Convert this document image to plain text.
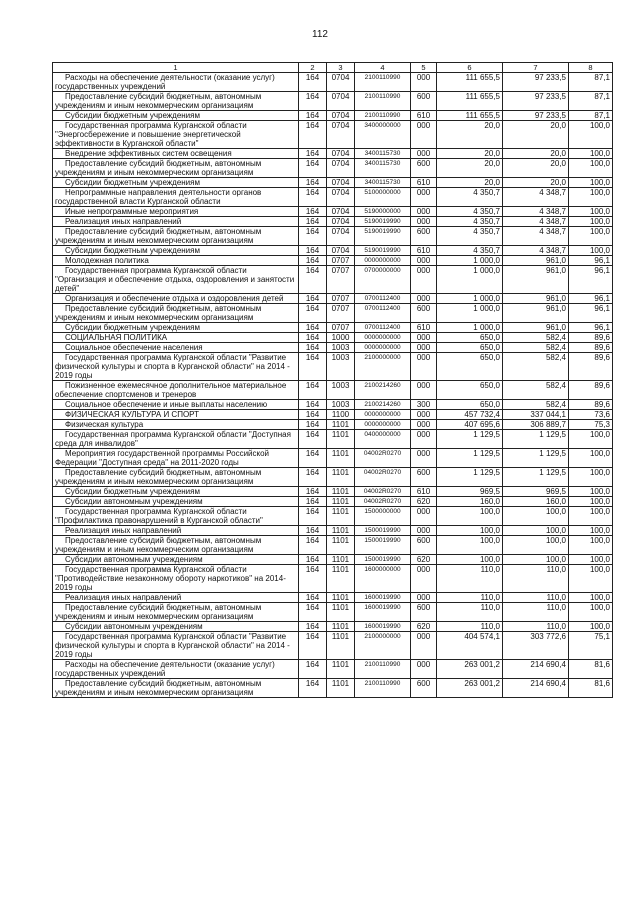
112
1	2	3	4	5	6	7	8
Расходы на обеспечение деятельности (оказание услуг) государственных учреждений	164	0704	2100110990	000	111 655,5	97 233,5	87,1
Предоставление субсидий бюджетным, автономным учреждениям и иным некоммерческим организациям	164	0704	2100110990	600	111 655,5	97 233,5	87,1
Субсидии бюджетным учреждениям	164	0704	2100110990	610	111 655,5	97 233,5	87,1
Государственная программа Курганской области "Энергосбережение и повышение энергетической эффективности в Курганской области"	164	0704	3400000000	000	20,0	20,0	100,0
Внедрение эффективных систем освещения	164	0704	3400115730	000	20,0	20,0	100,0
Предоставление субсидий бюджетным, автономным учреждениям и иным некоммерческим организациям	164	0704	3400115730	600	20,0	20,0	100,0
Субсидии бюджетным учреждениям	164	0704	3400115730	610	20,0	20,0	100,0
Непрограммные направления деятельности органов государственной власти Курганской области	164	0704	5100000000	000	4 350,7	4 348,7	100,0
Иные непрограммные мероприятия	164	0704	5190000000	000	4 350,7	4 348,7	100,0
Реализация иных направлений	164	0704	5190019990	000	4 350,7	4 348,7	100,0
Предоставление субсидий бюджетным, автономным учреждениям и иным некоммерческим организациям	164	0704	5190019990	600	4 350,7	4 348,7	100,0
Субсидии бюджетным учреждениям	164	0704	5190019990	610	4 350,7	4 348,7	100,0
Молодежная политика	164	0707	0000000000	000	1 000,0	961,0	96,1
Государственная программа Курганской области "Организация и обеспечение отдыха, оздоровления и занятости детей"	164	0707	0700000000	000	1 000,0	961,0	96,1
Организация и обеспечение отдыха и оздоровления детей	164	0707	0700112400	000	1 000,0	961,0	96,1
Предоставление субсидий бюджетным, автономным учреждениям и иным некоммерческим организациям	164	0707	0700112400	600	1 000,0	961,0	96,1
Субсидии бюджетным учреждениям	164	0707	0700112400	610	1 000,0	961,0	96,1
СОЦИАЛЬНАЯ ПОЛИТИКА	164	1000	0000000000	000	650,0	582,4	89,6
Социальное обеспечение населения	164	1003	0000000000	000	650,0	582,4	89,6
Государственная программа Курганской области "Развитие физической культуры и спорта в Курганской области" на 2014 - 2019 годы	164	1003	2100000000	000	650,0	582,4	89,6
Пожизненное ежемесячное дополнительное материальное обеспечение спортсменов и тренеров	164	1003	2100214260	000	650,0	582,4	89,6
Социальное обеспечение и иные выплаты населению	164	1003	2100214260	300	650,0	582,4	89,6
ФИЗИЧЕСКАЯ КУЛЬТУРА И СПОРТ	164	1100	0000000000	000	457 732,4	337 044,1	73,6
Физическая культура	164	1101	0000000000	000	407 695,6	306 889,7	75,3
Государственная программа Курганской области "Доступная среда для инвалидов"	164	1101	0400000000	000	1 129,5	1 129,5	100,0
Мероприятия государственной программы Российской Федерации "Доступная среда" на 2011-2020 годы	164	1101	04002R0270	000	1 129,5	1 129,5	100,0
Предоставление субсидий бюджетным, автономным учреждениям и иным некоммерческим организациям	164	1101	04002R0270	600	1 129,5	1 129,5	100,0
Субсидии бюджетным учреждениям	164	1101	04002R0270	610	969,5	969,5	100,0
Субсидии автономным учреждениям	164	1101	04002R0270	620	160,0	160,0	100,0
Государственная программа Курганской области "Профилактика правонарушений в Курганской области"	164	1101	1500000000	000	100,0	100,0	100,0
Реализация иных направлений	164	1101	1500019990	000	100,0	100,0	100,0
Предоставление субсидий бюджетным, автономным учреждениям и иным некоммерческим организациям	164	1101	1500019990	600	100,0	100,0	100,0
Субсидии автономным учреждениям	164	1101	1500019990	620	100,0	100,0	100,0
Государственная программа Курганской области "Противодействие незаконному обороту наркотиков" на 2014-2019 годы	164	1101	1600000000	000	110,0	110,0	100,0
Реализация иных направлений	164	1101	1600019990	000	110,0	110,0	100,0
Предоставление субсидий бюджетным, автономным учреждениям и иным некоммерческим организациям	164	1101	1600019990	600	110,0	110,0	100,0
Субсидии автономным учреждениям	164	1101	1600019990	620	110,0	110,0	100,0
Государственная программа Курганской области "Развитие физической культуры и спорта в Курганской области" на 2014 - 2019 годы	164	1101	2100000000	000	404 574,1	303 772,6	75,1
Расходы на обеспечение деятельности (оказание услуг) государственных учреждений	164	1101	2100110990	000	263 001,2	214 690,4	81,6
Предоставление субсидий бюджетным, автономным учреждениям и иным некоммерческим организациям	164	1101	2100110990	600	263 001,2	214 690,4	81,6
